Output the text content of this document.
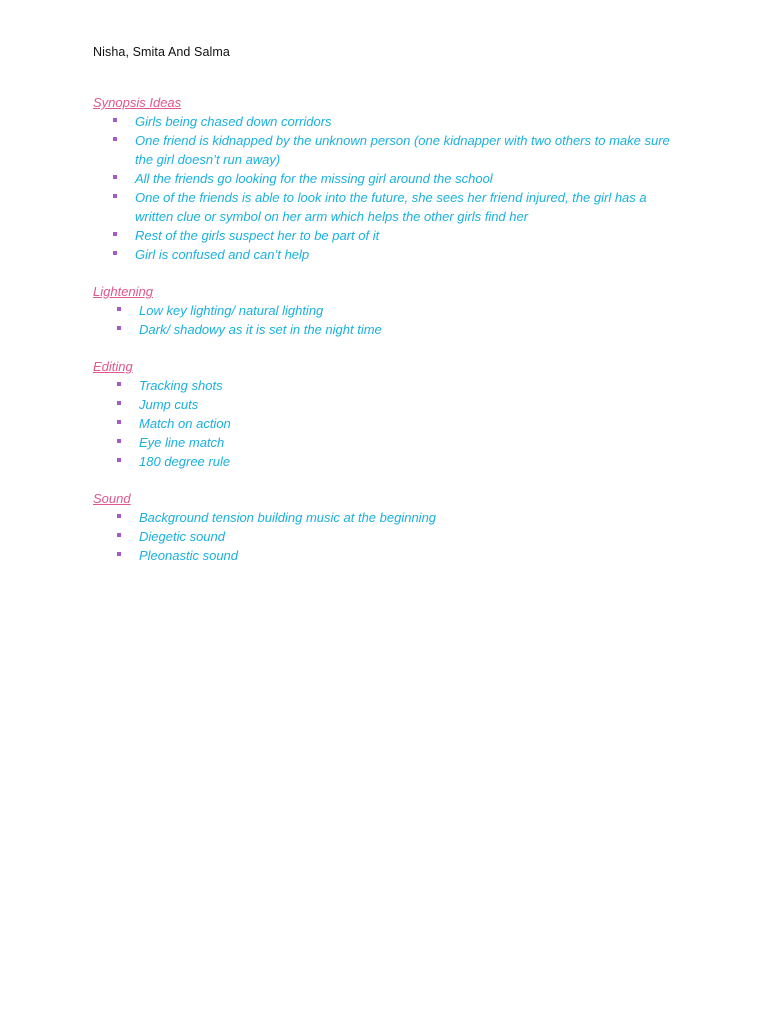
Nisha, Smita And Salma
Synopsis Ideas
Girls being chased down corridors
One friend is kidnapped by the unknown person (one kidnapper with two others to make sure the girl doesn’t run away)
All the friends go looking for the missing girl around the school
One of the friends is able to look into the future, she sees her friend injured, the girl has a written clue or symbol on her arm which helps the other girls find her
Rest of the girls suspect her to be part of it
Girl is confused and can’t help
Lightening
Low key lighting/ natural lighting
Dark/ shadowy as it is set in the night time
Editing
Tracking shots
Jump cuts
Match on action
Eye line match
180 degree rule
Sound
Background tension building music at the beginning
Diegetic sound
Pleonastic sound
